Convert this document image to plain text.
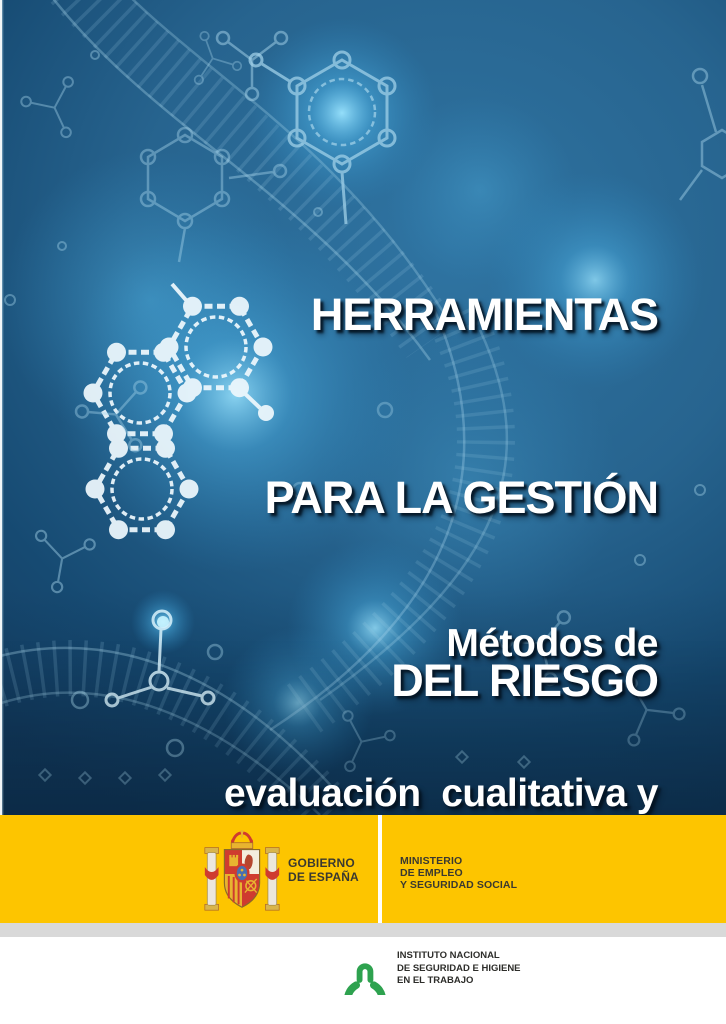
HERRAMIENTAS

PARA LA GESTIÓN

DEL RIESGO

Métodos de

evaluación  cualitativa y

GOBIERNO
DE ESPAÑA
MINISTERIO
DE EMPLEO
Y SEGURIDAD SOCIAL
INSTITUTO NACIONAL
DE SEGURIDAD E HIGIENE
EN EL TRABAJO
